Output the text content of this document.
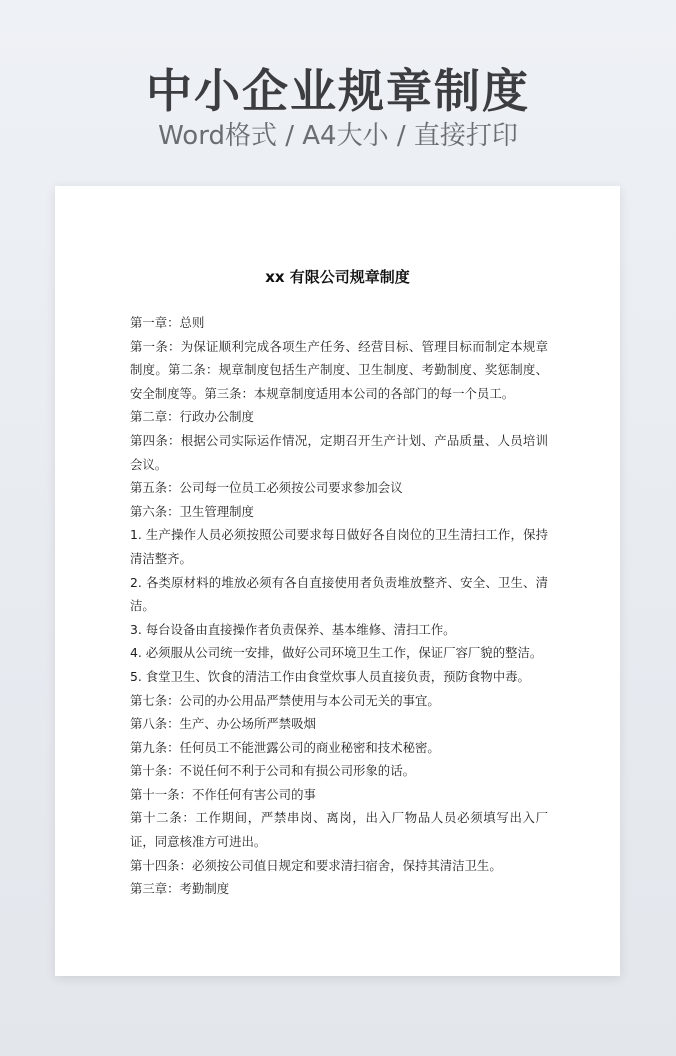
中小企业规章制度
Word格式 / A4大小 / 直接打印
xx 有限公司规章制度

第一章：总则

第一条：为保证顺利完成各项生产任务、经营目标、管理目标而制定本规章制度。第二条：规章制度包括生产制度、卫生制度、考勤制度、奖惩制度、安全制度等。第三条：本规章制度适用本公司的各部门的每一个员工。

第二章：行政办公制度

第四条：根据公司实际运作情况，定期召开生产计划、产品质量、人员培训会议。

第五条：公司每一位员工必须按公司要求参加会议

第六条：卫生管理制度

1. 生产操作人员必须按照公司要求每日做好各自岗位的卫生清扫工作，保持清洁整齐。

2. 各类原材料的堆放必须有各自直接使用者负责堆放整齐、安全、卫生、清洁。

3. 每台设备由直接操作者负责保养、基本维修、清扫工作。

4. 必须服从公司统一安排，做好公司环境卫生工作，保证厂容厂貌的整洁。

5. 食堂卫生、饮食的清洁工作由食堂炊事人员直接负责，预防食物中毒。

第七条：公司的办公用品严禁使用与本公司无关的事宜。

第八条：生产、办公场所严禁吸烟

第九条：任何员工不能泄露公司的商业秘密和技术秘密。

第十条：不说任何不利于公司和有损公司形象的话。

第十一条：不作任何有害公司的事

第十二条：工作期间，严禁串岗、离岗，出入厂物品人员必须填写出入厂证，同意核准方可进出。

第十四条：必须按公司值日规定和要求清扫宿舍，保持其清洁卫生。

第三章：考勤制度
